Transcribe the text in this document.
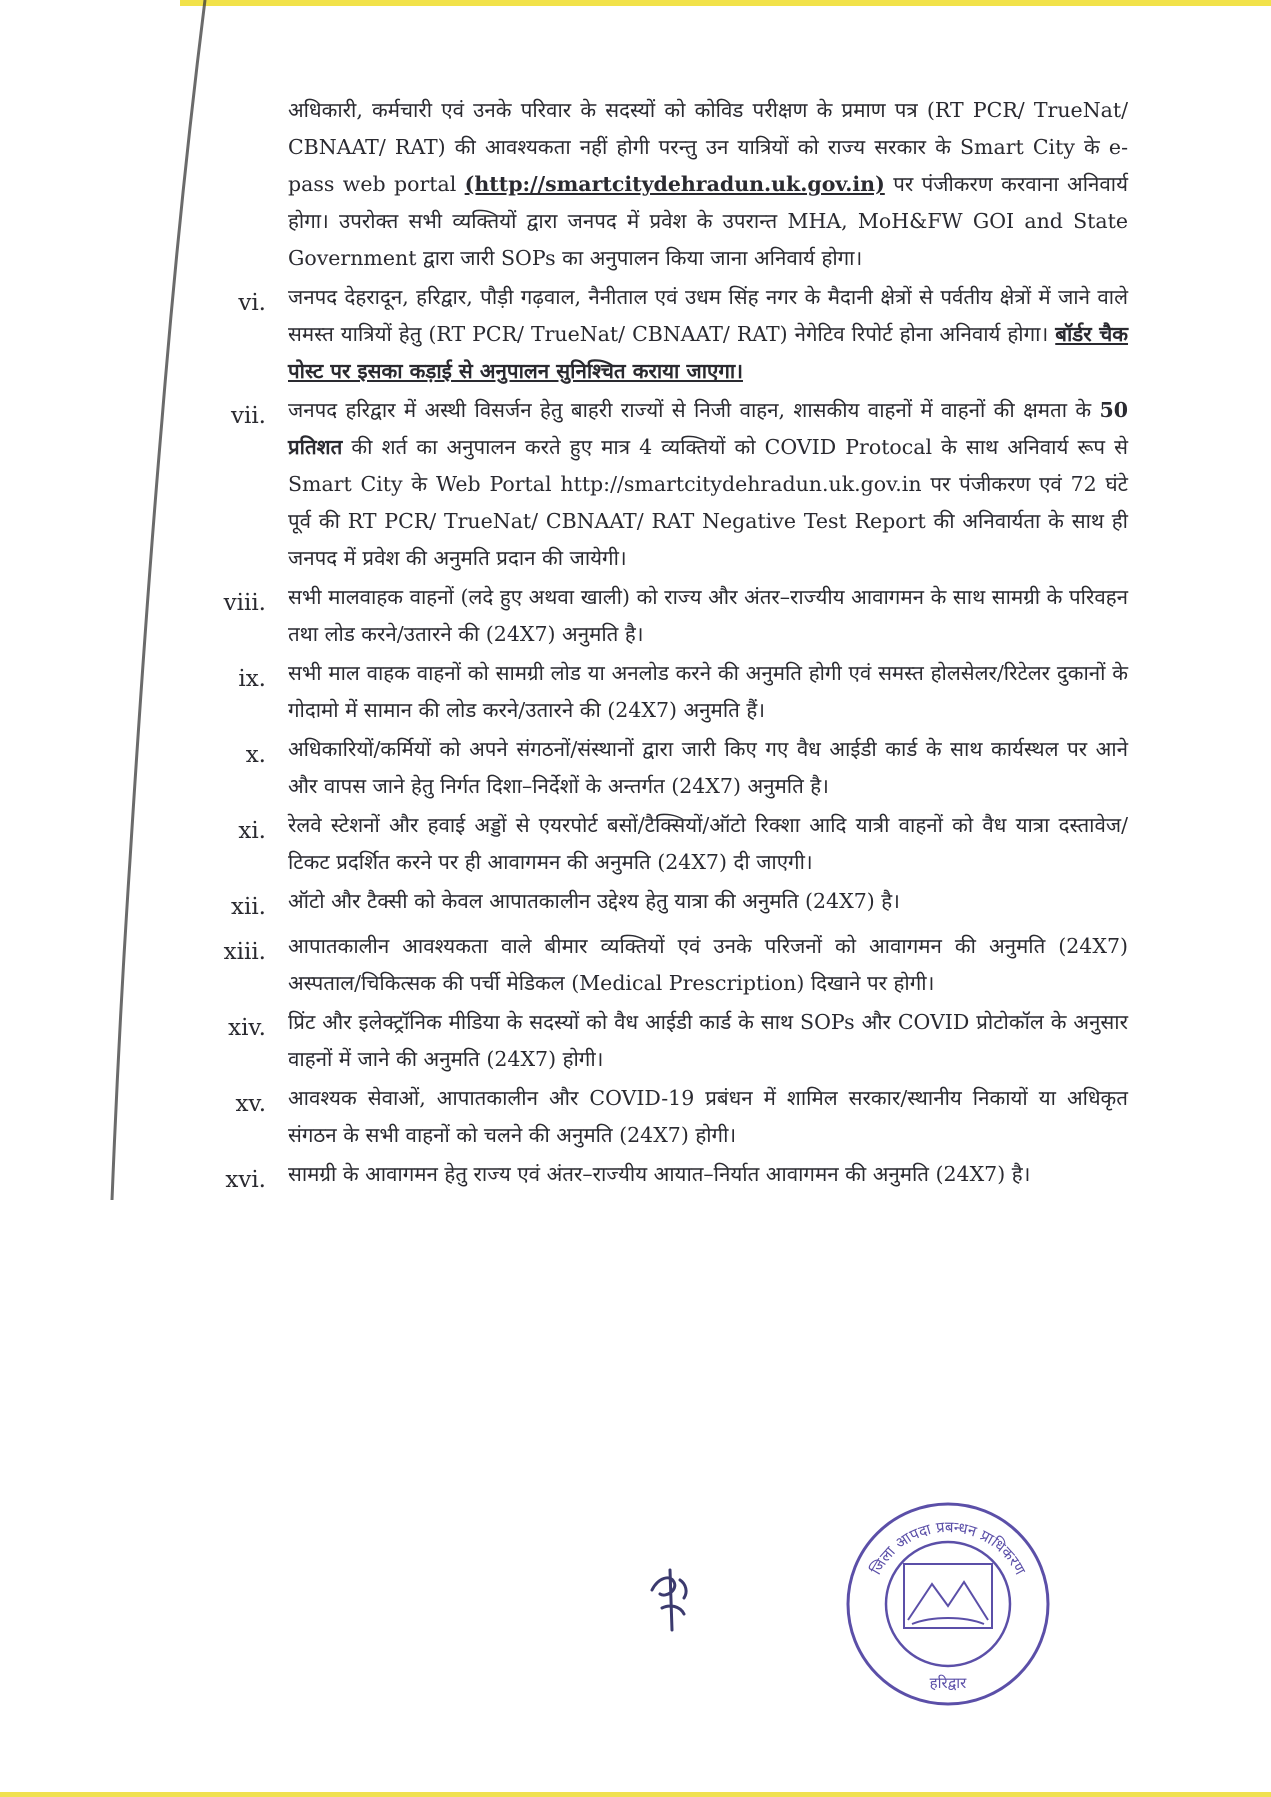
अधिकारी, कर्मचारी एवं उनके परिवार के सदस्यों को कोविड परीक्षण के प्रमाण पत्र (RT PCR/ TrueNat/ CBNAAT/ RAT) की आवश्यकता नहीं होगी परन्तु उन यात्रियों को राज्य सरकार के Smart City के e-pass web portal (http://smartcitydehradun.uk.gov.in) पर पंजीकरण करवाना अनिवार्य होगा। उपरोक्त सभी व्यक्तियों द्वारा जनपद में प्रवेश के उपरान्त MHA, MoH&FW GOI and State Government द्वारा जारी SOPs का अनुपालन किया जाना अनिवार्य होगा।

vi.	जनपद देहरादून, हरिद्वार, पौड़ी गढ़वाल, नैनीताल एवं उधम सिंह नगर के मैदानी क्षेत्रों से पर्वतीय क्षेत्रों में जाने वाले समस्त यात्रियों हेतु (RT PCR/ TrueNat/ CBNAAT/ RAT) नेगेटिव रिपोर्ट होना अनिवार्य होगा। बॉर्डर चैक पोस्ट पर इसका कड़ाई से अनुपालन सुनिश्चित कराया जाएगा।
vii.	जनपद हरिद्वार में अस्थी विसर्जन हेतु बाहरी राज्यों से निजी वाहन, शासकीय वाहनों में वाहनों की क्षमता के 50 प्रतिशत की शर्त का अनुपालन करते हुए मात्र 4 व्यक्तियों को COVID Protocal के साथ अनिवार्य रूप से Smart City के Web Portal http://smartcitydehradun.uk.gov.in पर पंजीकरण एवं 72 घंटे पूर्व की RT PCR/ TrueNat/ CBNAAT/ RAT Negative Test Report की अनिवार्यता के साथ ही जनपद में प्रवेश की अनुमति प्रदान की जायेगी।
viii.	सभी मालवाहक वाहनों (लदे हुए अथवा खाली) को राज्य और अंतर–राज्यीय आवागमन के साथ सामग्री के परिवहन तथा लोड करने/उतारने की (24X7) अनुमति है।
ix.	सभी माल वाहक वाहनों को सामग्री लोड या अनलोड करने की अनुमति होगी एवं समस्त होलसेलर/रिटेलर दुकानों के गोदामो में सामान की लोड करने/उतारने की (24X7) अनुमति हैं।
x.	अधिकारियों/कर्मियों को अपने संगठनों/संस्थानों द्वारा जारी किए गए वैध आईडी कार्ड के साथ कार्यस्थल पर आने और वापस जाने हेतु निर्गत दिशा–निर्देशों के अन्तर्गत (24X7) अनुमति है।
xi.	रेलवे स्टेशनों और हवाई अड्डों से एयरपोर्ट बसों/टैक्सियों/ऑटो रिक्शा आदि यात्री वाहनों को वैध यात्रा दस्तावेज/टिकट प्रदर्शित करने पर ही आवागमन की अनुमति (24X7) दी जाएगी।
xii.	ऑटो और टैक्सी को केवल आपातकालीन उद्देश्य हेतु यात्रा की अनुमति (24X7) है।
xiii.	आपातकालीन आवश्यकता वाले बीमार व्यक्तियों एवं उनके परिजनों को आवागमन की अनुमति (24X7) अस्पताल/चिकित्सक की पर्ची मेडिकल (Medical Prescription) दिखाने पर होगी।
xiv.	प्रिंट और इलेक्ट्रॉनिक मीडिया के सदस्यों को वैध आईडी कार्ड के साथ SOPs और COVID प्रोटोकॉल के अनुसार वाहनों में जाने की अनुमति (24X7) होगी।
xv.	आवश्यक सेवाओं, आपातकालीन और COVID-19 प्रबंधन में शामिल सरकार/स्थानीय निकायों या अधिकृत संगठन के सभी वाहनों को चलने की अनुमति (24X7) होगी।
xvi.	सामग्री के आवागमन हेतु राज्य एवं अंतर–राज्यीय आयात–निर्यात आवागमन की अनुमति (24X7) है।
जिला आपदा प्रबन्धन प्राधिकरण
हरिद्वार
